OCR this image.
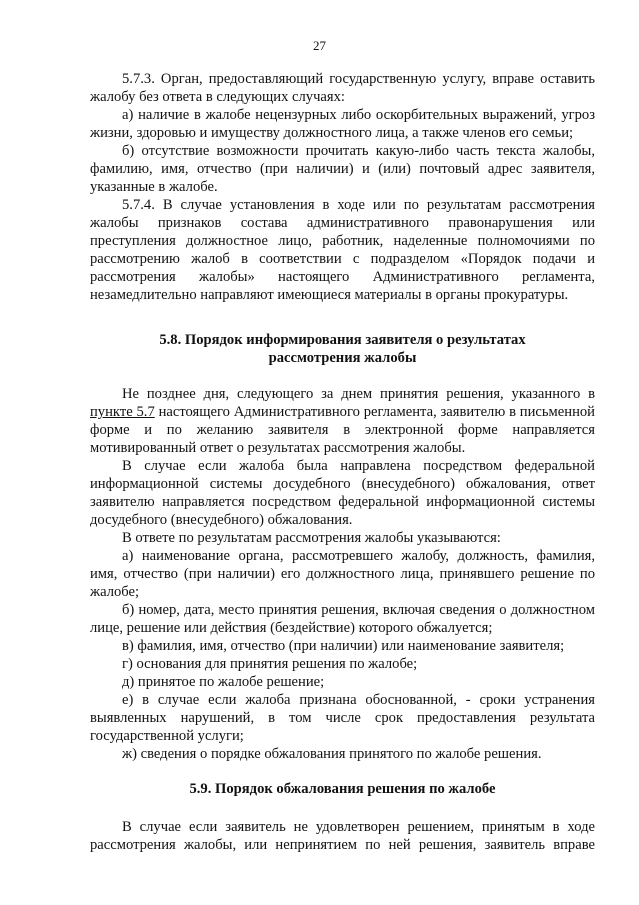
27

5.7.3. Орган, предоставляющий государственную услугу, вправе оставить жалобу без ответа в следующих случаях:

а) наличие в жалобе нецензурных либо оскорбительных выражений, угроз жизни, здоровью и имуществу должностного лица, а также членов его семьи;

б) отсутствие возможности прочитать какую-либо часть текста жалобы, фамилию, имя, отчество (при наличии) и (или) почтовый адрес заявителя, указанные в жалобе.

5.7.4. В случае установления в ходе или по результатам рассмотрения жалобы признаков состава административного правонарушения или преступления должностное лицо, работник, наделенные полномочиями по рассмотрению жалоб в соответствии с подразделом «Порядок подачи и рассмотрения жалобы» настоящего Административного регламента, незамедлительно направляют имеющиеся материалы в органы прокуратуры.

5.8. Порядок информирования заявителя о результатах
рассмотрения жалобы

Не позднее дня, следующего за днем принятия решения, указанного в пункте 5.7 настоящего Административного регламента, заявителю в письменной форме и по желанию заявителя в электронной форме направляется мотивированный ответ о результатах рассмотрения жалобы.

В случае если жалоба была направлена посредством федеральной информационной системы досудебного (внесудебного) обжалования, ответ заявителю направляется посредством федеральной информационной системы досудебного (внесудебного) обжалования.

В ответе по результатам рассмотрения жалобы указываются:

а) наименование органа, рассмотревшего жалобу, должность, фамилия, имя, отчество (при наличии) его должностного лица, принявшего решение по жалобе;

б) номер, дата, место принятия решения, включая сведения о должностном лице, решение или действия (бездействие) которого обжалуется;

в) фамилия, имя, отчество (при наличии) или наименование заявителя;

г) основания для принятия решения по жалобе;

д) принятое по жалобе решение;

е) в случае если жалоба признана обоснованной, - сроки устранения выявленных нарушений, в том числе срок предоставления результата государственной услуги;

ж) сведения о порядке обжалования принятого по жалобе решения.

5.9. Порядок обжалования решения по жалобе

В случае если заявитель не удовлетворен решением, принятым в ходе рассмотрения жалобы, или непринятием по ней решения, заявитель вправе
